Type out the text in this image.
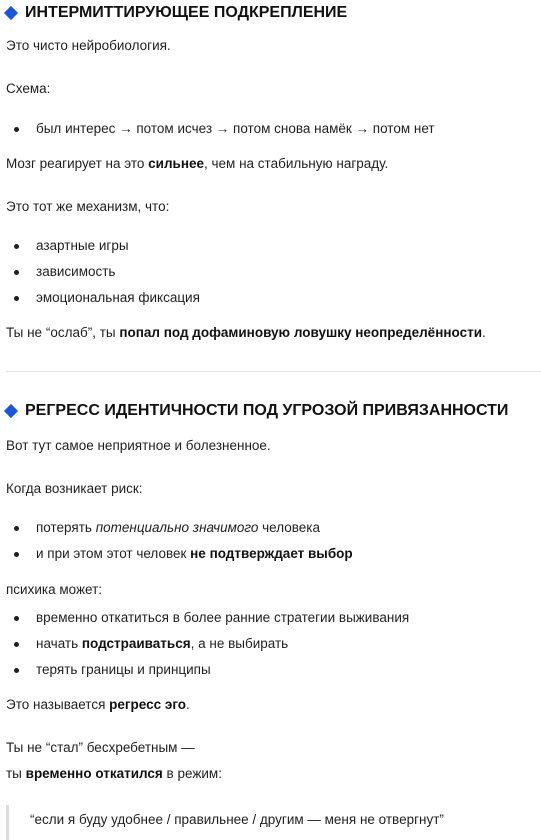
ИНТЕРМИТТИРУЮЩЕЕ ПОДКРЕПЛЕНИЕ
Это чисто нейробиология.
Схема:
был интерес → потом исчез → потом снова намёк → потом нет
Мозг реагирует на это сильнее, чем на стабильную награду.
Это тот же механизм, что:
азартные игры
зависимость
эмоциональная фиксация
Ты не “ослаб”, ты попал под дофаминовую ловушку неопределённости.
РЕГРЕСС ИДЕНТИЧНОСТИ ПОД УГРОЗОЙ ПРИВЯЗАННОСТИ
Вот тут самое неприятное и болезненное.
Когда возникает риск:
потерять потенциально значимого человека
и при этом этот человек не подтверждает выбор
психика может:
временно откатиться в более ранние стратегии выживания
начать подстраиваться, а не выбирать
терять границы и принципы
Это называется регресс эго.
Ты не “стал” бесхребетным —
ты временно откатился в режим:
“если я буду удобнее / правильнее / другим — меня не отвергнут”
